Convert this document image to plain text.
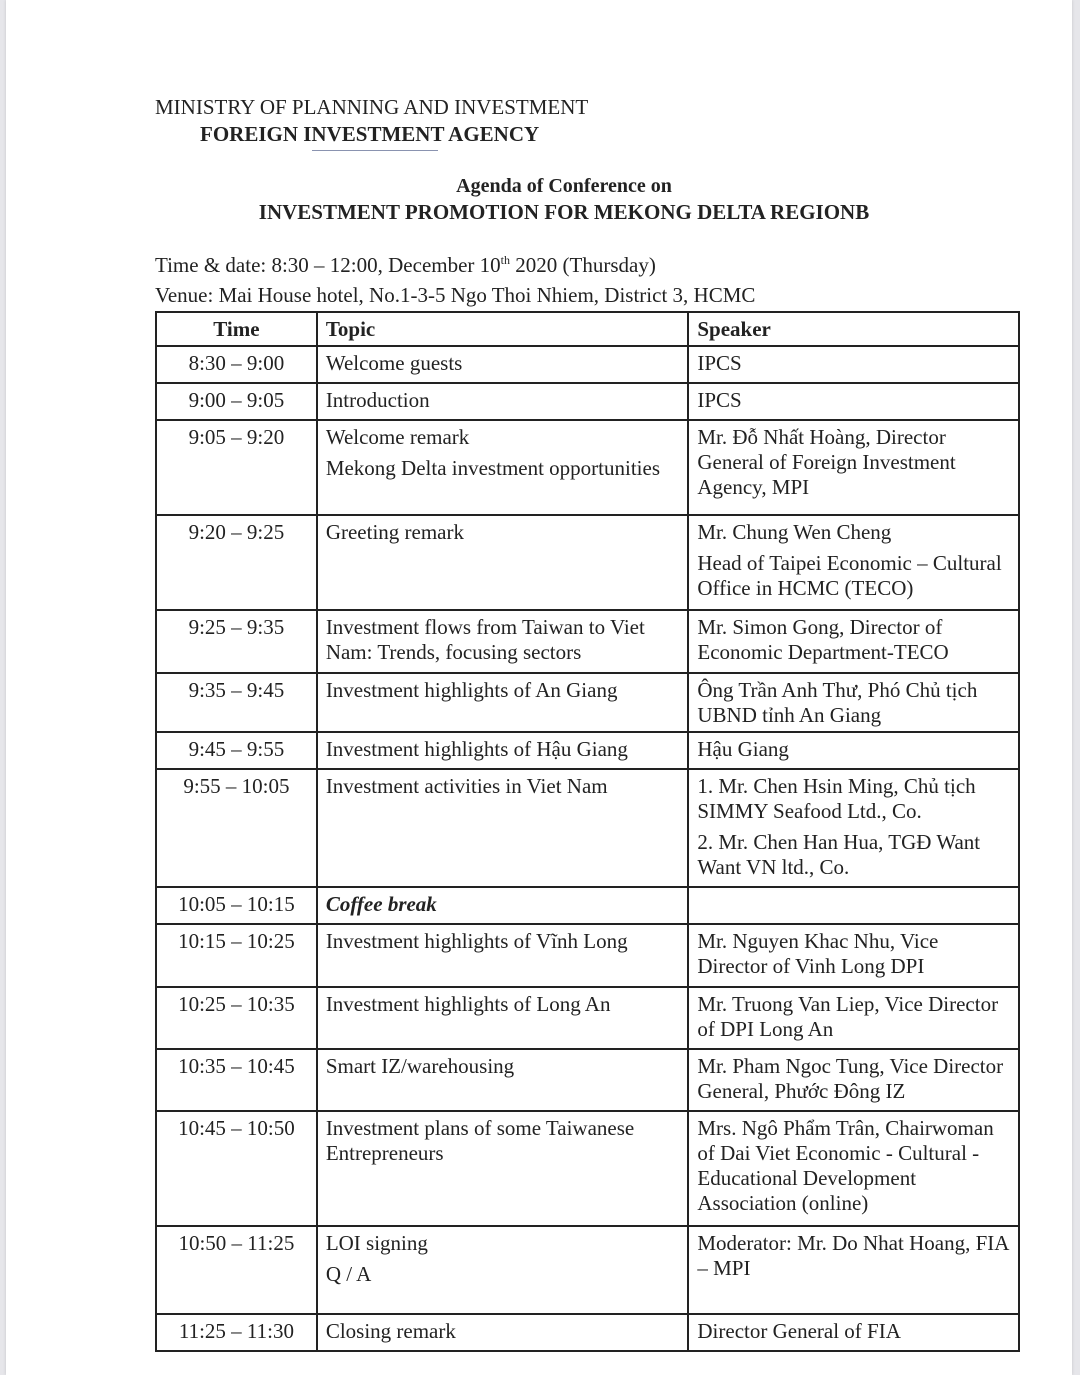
MINISTRY OF PLANNING AND INVESTMENT
FOREIGN INVESTMENT AGENCY
Agenda of Conference on
INVESTMENT PROMOTION FOR MEKONG DELTA REGIONB
Time & date: 8:30 – 12:00, December 10th 2020 (Thursday)
Venue: Mai House hotel, No.1-3-5 Ngo Thoi Nhiem, District 3, HCMC
Time	Topic	Speaker
8:30 – 9:00	Welcome guests	IPCS

9:00 – 9:05	Introduction	IPCS

9:05 – 9:20	Welcome remark
Mekong Delta investment opportunities	Mr. Đỗ Nhất Hoàng, Director General of Foreign Investment Agency, MPI

9:20 – 9:25	Greeting remark	Mr. Chung Wen Cheng
Head of Taipei Economic – Cultural Office in HCMC (TECO)

9:25 – 9:35	Investment flows from Taiwan to Viet Nam: Trends, focusing sectors	Mr. Simon Gong, Director of Economic Department-TECO

9:35 – 9:45	Investment highlights of An Giang	Ông Trần Anh Thư, Phó Chủ tịch UBND tỉnh An Giang

9:45 – 9:55	Investment highlights of Hậu Giang	Hậu Giang

9:55 – 10:05	Investment activities in Viet Nam	1. Mr. Chen Hsin Ming, Chủ tịch SIMMY Seafood Ltd., Co.
2. Mr. Chen Han Hua, TGĐ Want Want VN ltd., Co.

10:05 – 10:15	Coffee break	

10:15 – 10:25	Investment highlights of Vĩnh Long	Mr. Nguyen Khac Nhu, Vice Director of Vinh Long DPI

10:25 – 10:35	Investment highlights of Long An	Mr. Truong Van Liep, Vice Director of DPI Long An

10:35 – 10:45	Smart IZ/warehousing	Mr. Pham Ngoc Tung, Vice Director General, Phước Đông IZ

10:45 – 10:50	Investment plans of some Taiwanese Entrepreneurs	Mrs. Ngô Phẩm Trân, Chairwoman of Dai Viet Economic - Cultural - Educational Development Association (online)

10:50 – 11:25	LOI signing
Q / A	Moderator: Mr. Do Nhat Hoang, FIA – MPI

11:25 – 11:30	Closing remark	Director General of FIA
